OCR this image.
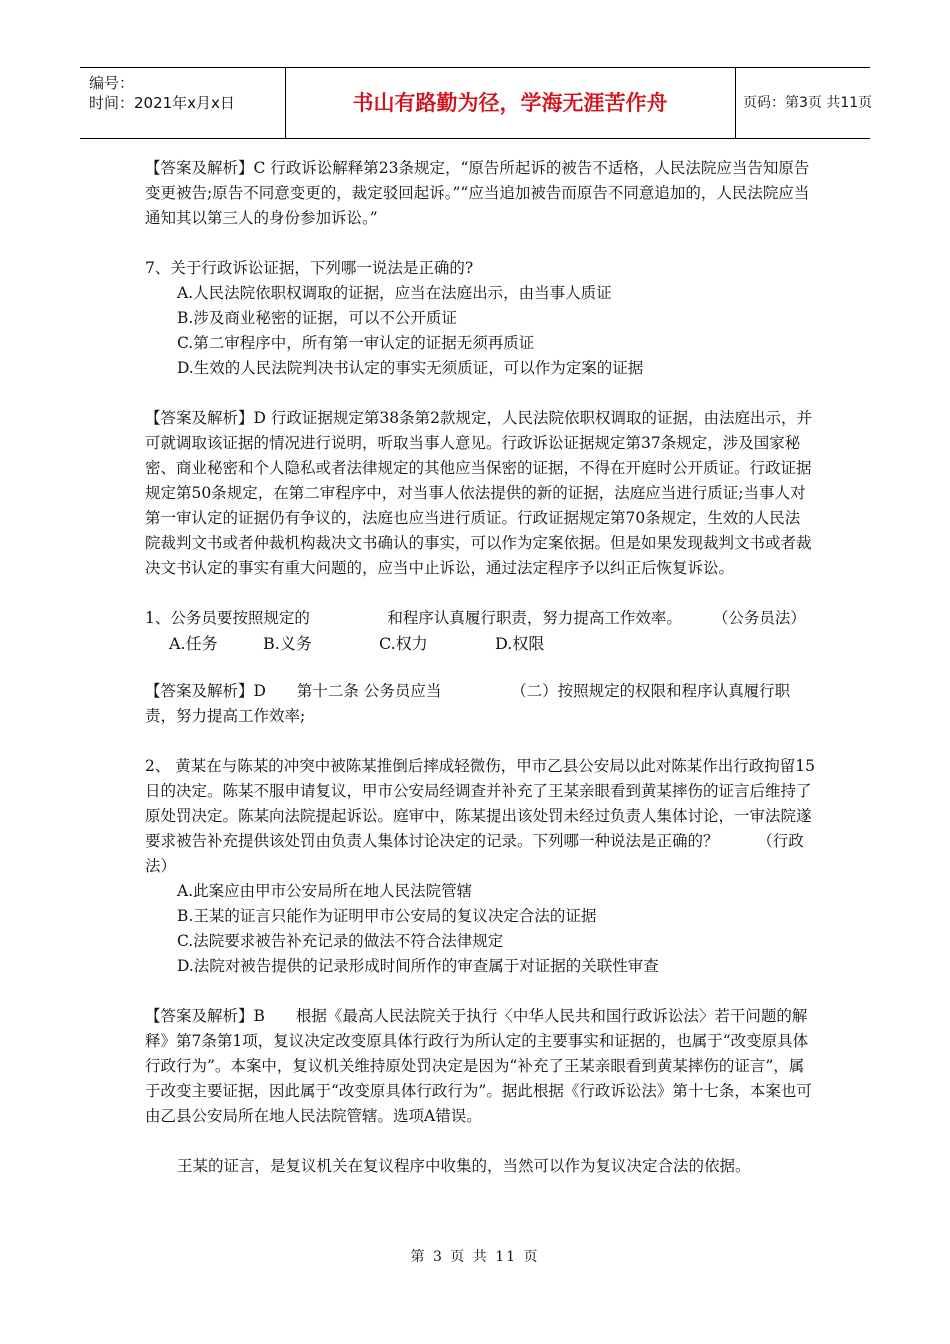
编号：
时间：2021年x月x日	书山有路勤为径，学海无涯苦作舟	页码：第3页 共11页

【答案及解析】C 行政诉讼解释第23条规定，“原告所起诉的被告不适格，人民法院应当告知原告变更被告;原告不同意变更的，裁定驳回起诉。”“应当追加被告而原告不同意追加的，人民法院应当通知其以第三人的身份参加诉讼。”

7、关于行政诉讼证据，下列哪一说法是正确的?

A.人民法院依职权调取的证据，应当在法庭出示，由当事人质证

B.涉及商业秘密的证据，可以不公开质证

C.第二审程序中，所有第一审认定的证据无须再质证

D.生效的人民法院判决书认定的事实无须质证，可以作为定案的证据

【答案及解析】D 行政证据规定第38条第2款规定，人民法院依职权调取的证据，由法庭出示，并可就调取该证据的情况进行说明，听取当事人意见。行政诉讼证据规定第37条规定，涉及国家秘密、商业秘密和个人隐私或者法律规定的其他应当保密的证据，不得在开庭时公开质证。行政证据规定第50条规定，在第二审程序中，对当事人依法提供的新的证据，法庭应当进行质证;当事人对第一审认定的证据仍有争议的，法庭也应当进行质证。行政证据规定第70条规定，生效的人民法院裁判文书或者仲裁机构裁决文书确认的事实，可以作为定案依据。但是如果发现裁判文书或者裁决文书认定的事实有重大问题的，应当中止诉讼，通过法定程序予以纠正后恢复诉讼。

1、公务员要按照规定的　　　　　和程序认真履行职责，努力提高工作效率。　　　（公务员法）

A.任务	B.义务	C.权力	D.权限

【答案及解析】D　　第十二条 公务员应当　　　　　（二）按照规定的权限和程序认真履行职责，努力提高工作效率;

2、 黄某在与陈某的冲突中被陈某推倒后摔成轻微伤，甲市乙县公安局以此对陈某作出行政拘留15日的决定。陈某不服申请复议，甲市公安局经调查并补充了王某亲眼看到黄某摔伤的证言后维持了原处罚决定。陈某向法院提起诉讼。庭审中，陈某提出该处罚未经过负责人集体讨论，一审法院遂要求被告补充提供该处罚由负责人集体讨论决定的记录。下列哪一种说法是正确的？　　　（行政法）

A.此案应由甲市公安局所在地人民法院管辖

B.王某的证言只能作为证明甲市公安局的复议决定合法的证据

C.法院要求被告补充记录的做法不符合法律规定

D.法院对被告提供的记录形成时间所作的审查属于对证据的关联性审查

【答案及解析】B　　根据《最高人民法院关于执行〈中华人民共和国行政诉讼法〉若干问题的解释》第7条第1项，复议决定改变原具体行政行为所认定的主要事实和证据的，也属于“改变原具体行政行为”。本案中，复议机关维持原处罚决定是因为“补充了王某亲眼看到黄某摔伤的证言”，属于改变主要证据，因此属于“改变原具体行政行为”。据此根据《行政诉讼法》第十七条，本案也可由乙县公安局所在地人民法院管辖。选项A错误。

王某的证言，是复议机关在复议程序中收集的，当然可以作为复议决定合法的依据。

第 3 页 共 11 页
